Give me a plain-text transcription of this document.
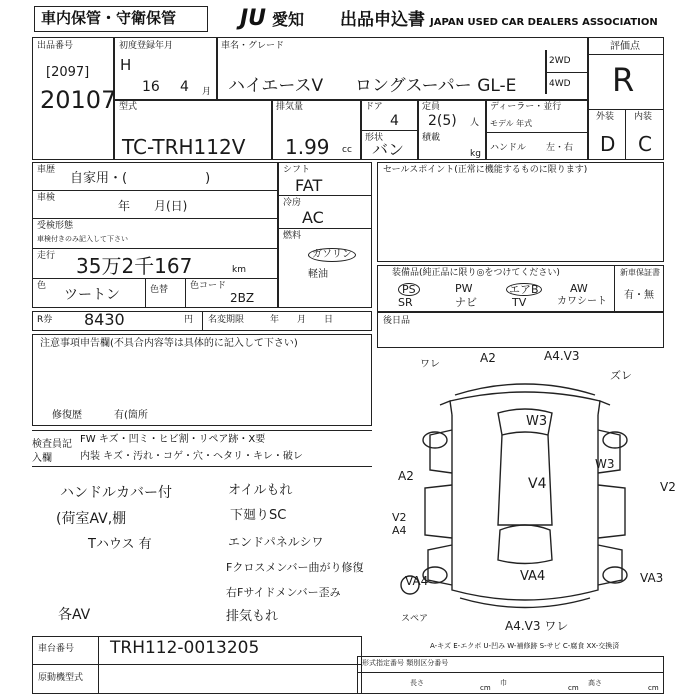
車内保管・守衛保管	JU 愛知 出品申込書 JAPAN USED CAR DEALERS ASSOCIATION
出品番号
[2097]
20107
初度登録年月
H
16 4 月
車名・グレード
ハイエースV ロングスーパー GL-E
2WD
4WD
評価点
R
外装 内装
D C
型式
TC-TRH112V
排気量
1.99 cc
ドア
4
形状
バン
定員
2(5) 人
積載
kg
ディーラー・並行
モデル 年式
ハンドル 左・右
車歴
自家用・(　　　　　　)
車検
年　　月(日)
受検形態
車検付きのみ記入して下さい
走行 35万2千167	km
色
ツートン	色替 色コード
2BZ
シフト
FAT
冷房
AC
燃料
ガソリン
軽油
セールスポイント(正常に機能するものに限ります)
装備品(純正品に限り◎をつけてください)
PS	PW	エアB	AW
SR	ナビ	TV	カワシート
新車保証書
有・無
R券 8430	円 名変期限	年　　月　　日	後日品
注意事項申告欄(不具合内容等は具体的に記入して下さい)
修復歴	有(箇所
検査員記入欄
FW キズ・凹ミ・ヒビ割・リペア跡・X要
内装 キズ・汚れ・コゲ・穴・ヘタリ・キレ・破レ
ハンドルカバー付
(荷室AV,棚
Tハウス 有
オイルもれ
下廻りSC
エンドパネルシワ
Fクロスメンバー曲がり修復
右Fサイドメンバー歪み
排気もれ
各AV
ワレ	A2	A4.V3
ズレ
W3
V4
W3
A2
V2
V2
A4
VA4	VA4	VA3
スペア	A4.V3 ワレ
A-キズ E-エクボ U-凹み W-補修跡 S-サビ C-腐食 XX-交換済
車台番号 TRH112-0013205
原動機型式
形式指定番号 類別区分番号
長さ
cm
巾
cm
高さ
cm
